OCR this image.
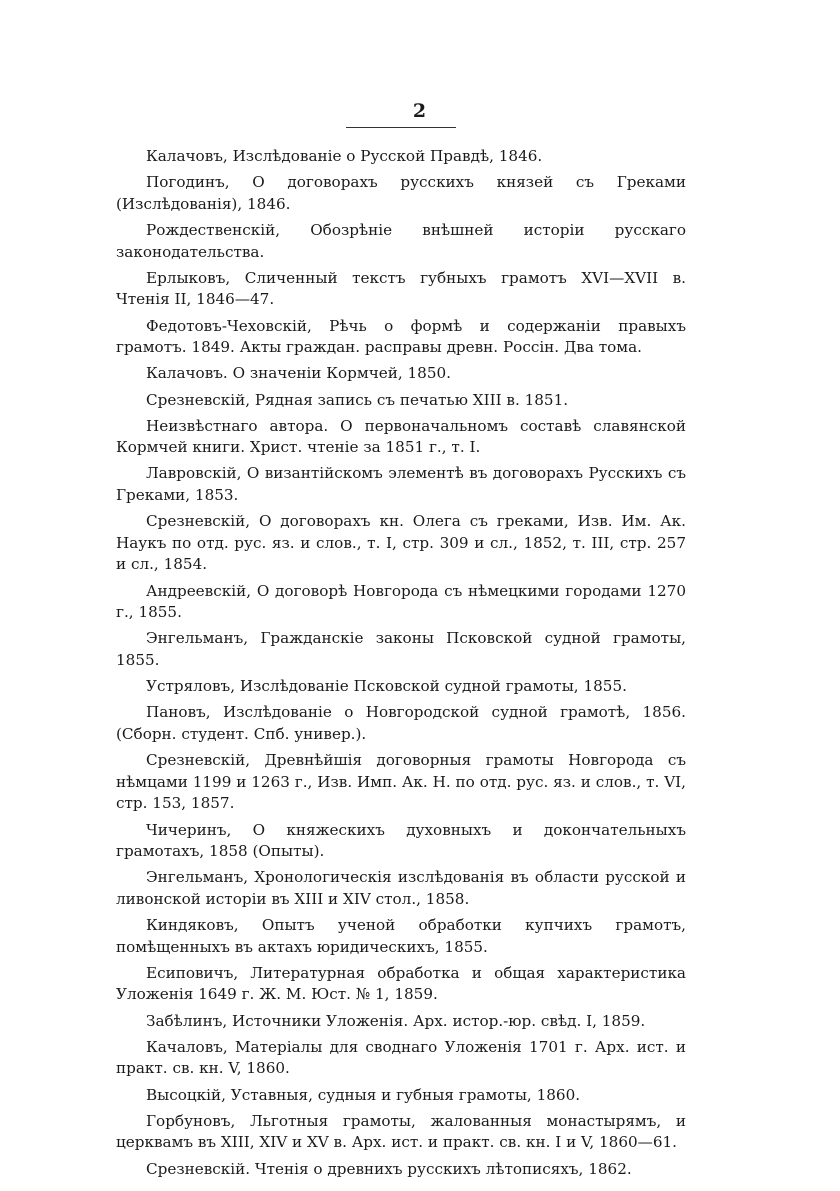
2

Калачовъ, Изслѣдованіе о Русской Правдѣ, 1846.

Погодинъ, О договорахъ русскихъ князей съ Греками (Изслѣдованія), 1846.

Рождественскій, Обозрѣніе внѣшней исторіи русскаго законодательства.

Ерлыковъ, Сличенный текстъ губныхъ грамотъ XVI—XVII в. Чтенія II, 1846—47.

Федотовъ-Чеховскій, Рѣчь о формѣ и содержаніи правыхъ грамотъ. 1849. Акты граждан. расправы древн. Россін. Два тома.

Калачовъ. О значеніи Кормчей, 1850.

Срезневскій, Рядная запись съ печатью XIII в. 1851.

Неизвѣстнаго автора. О первоначальномъ составѣ славянской Кормчей книги. Христ. чтеніе за 1851 г., т. I.

Лавровскій, О византійскомъ элементѣ въ договорахъ Русскихъ съ Греками, 1853.

Срезневскій, О договорахъ кн. Олега съ греками, Изв. Им. Ак. Наукъ по отд. рус. яз. и слов., т. I, стр. 309 и сл., 1852, т. III, стр. 257 и сл., 1854.

Андреевскій, О договорѣ Новгорода съ нѣмецкими городами 1270 г., 1855.

Энгельманъ, Гражданскіе законы Псковской судной грамоты, 1855.

Устряловъ, Изслѣдованіе Псковской судной грамоты, 1855.

Пановъ, Изслѣдованіе о Новгородской судной грамотѣ, 1856. (Сборн. студент. Спб. универ.).

Срезневскій, Древнѣйшія договорныя грамоты Новгорода съ нѣмцами 1199 и 1263 г., Изв. Имп. Ак. Н. по отд. рус. яз. и слов., т. VI, стр. 153, 1857.

Чичеринъ, О княжескихъ духовныхъ и докончательныхъ грамотахъ, 1858 (Опыты).

Энгельманъ, Хронологическія изслѣдованія въ области русской и ливонской исторіи въ XIII и XIV стол., 1858.

Киндяковъ, Опытъ ученой обработки купчихъ грамотъ, помѣщенныхъ въ актахъ юридическихъ, 1855.

Есиповичъ, Литературная обработка и общая характеристика Уложенія 1649 г. Ж. М. Юст. № 1, 1859.

Забѣлинъ, Источники Уложенія. Арх. истор.-юр. свѣд. I, 1859.

Качаловъ, Матеріалы для своднаго Уложенія 1701 г. Арх. ист. и практ. св. кн. V, 1860.

Высоцкій, Уставныя, судныя и губныя грамоты, 1860.

Горбуновъ, Льготныя грамоты, жалованныя монастырямъ, и церквамъ въ XIII, XIV и XV в. Арх. ист. и практ. св. кн. I и V, 1860—61.

Срезневскій. Чтенія о древнихъ русскихъ лѣтописяхъ, 1862.
